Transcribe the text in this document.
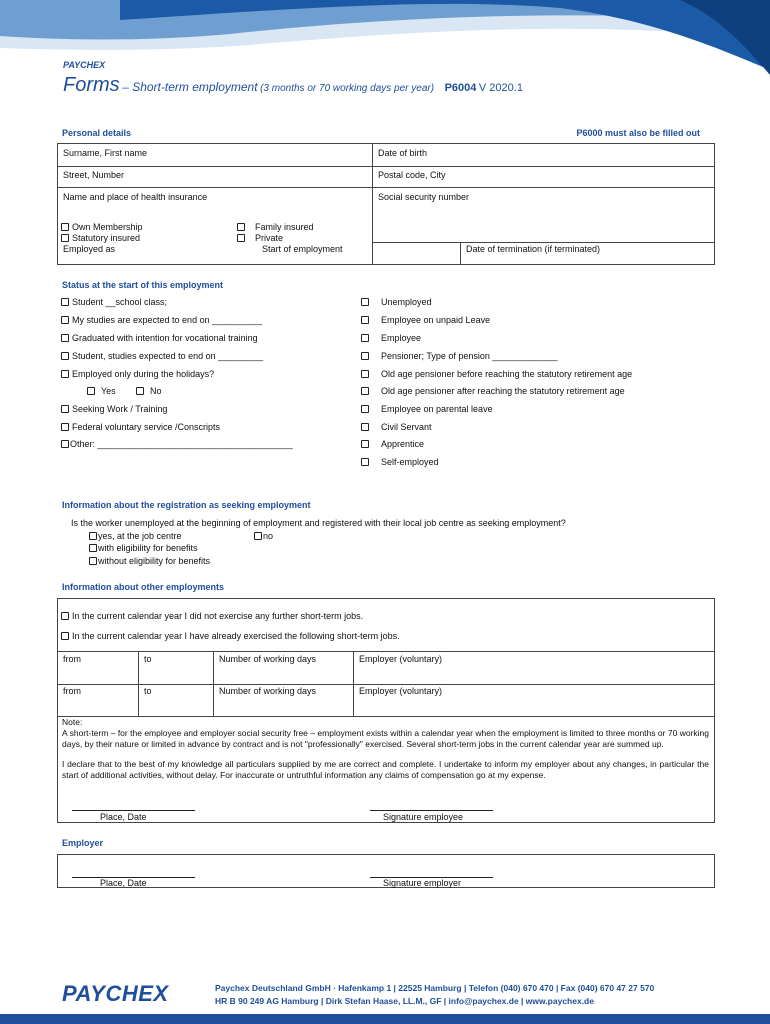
PAYCHEX
Forms – Short-term employment (3 months or 70 working days per year) P6004 V 2020.1
Personal details	P6000 must also be filled out
Surname, First name	Date of birth
Street, Number	Postal code, City
Name and place of health insurance	Social security number
Own Membership
Statutory insured
Family insured
Private
Employed as	Start of employment	Date of termination (if terminated)
Status at the start of this employment
Student __school class;
My studies are expected to end on __________
Graduated with intention for vocational training
Student, studies expected to end on _________
Employed only during the holidays?
Yes	No
Seeking Work / Training
Federal voluntary service /Conscripts
Other: _______________________________________
Unemployed
Employee on unpaid Leave
Employee
Pensioner; Type of pension _____________
Old age pensioner before reaching the statutory retirement age
Old age pensioner after reaching the statutory retirement age
Employee on parental leave
Civil Servant
Apprentice
Self-employed
Information about the registration as seeking employment
Is the worker unemployed at the beginning of employment and registered with their local job centre as seeking employment?
yes, at the job centre	no
with eligibility for benefits
without eligibility for benefits
Information about other employments
In the current calendar year I did not exercise any further short-term jobs.
In the current calendar year I have already exercised the following short-term jobs.
from	to	Number of working days	Employer (voluntary)
from	to	Number of working days	Employer (voluntary)
Note:
A short-term – for the employee and employer social security free – employment exists within a calendar year when the employment is limited to three months or 70 working days, by their nature or limited in advance by contract and is not "professionally" exercised. Several short-term jobs in the current calendar year are summed up.
I declare that to the best of my knowledge all particulars supplied by me are correct and complete. I undertake to inform my employer about any changes, in particular the start of additional activities, without delay. For inaccurate or untruthful information any claims of compensation go at my expense.
Place, Date	Signature employee
Employer
Place, Date	Signature employer
PAYCHEX	Paychex Deutschland GmbH · Hafenkamp 1 | 22525 Hamburg | Telefon (040) 670 470 | Fax (040) 670 47 27 570
HR B 90 249 AG Hamburg | Dirk Stefan Haase, LL.M., GF | info@paychex.de | www.paychex.de
